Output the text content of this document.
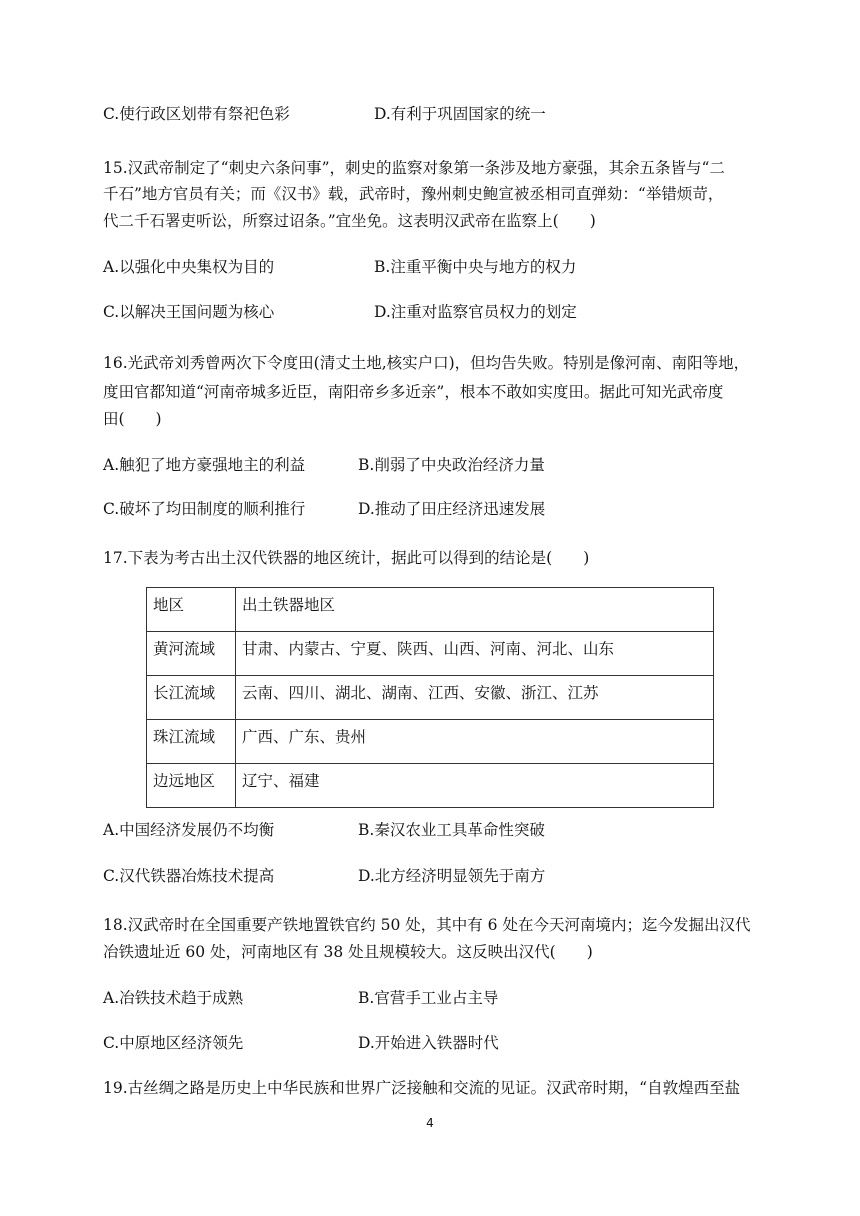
C.使行政区划带有祭祀色彩	D.有利于巩固国家的统一
15.汉武帝制定了“刺史六条问事”，刺史的监察对象第一条涉及地方豪强，其余五条皆与“二
千石”地方官员有关；而《汉书》载，武帝时，豫州刺史鲍宣被丞相司直弹劾：“举错烦苛，
代二千石署吏听讼，所察过诏条。”宜坐免。这表明汉武帝在监察上(　　)
A.以强化中央集权为目的	B.注重平衡中央与地方的权力
C.以解决王国问题为核心	D.注重对监察官员权力的划定
16.光武帝刘秀曾两次下令度田(清丈土地,核实户口)，但均告失败。特别是像河南、南阳等地，
度田官都知道“河南帝城多近臣，南阳帝乡多近亲”，根本不敢如实度田。据此可知光武帝度
田(　　)
A.触犯了地方豪强地主的利益	B.削弱了中央政治经济力量
C.破坏了均田制度的顺利推行	D.推动了田庄经济迅速发展
17.下表为考古出土汉代铁器的地区统计，据此可以得到的结论是(　　)
地区	出土铁器地区
黄河流域	甘肃、内蒙古、宁夏、陕西、山西、河南、河北、山东
长江流域	云南、四川、湖北、湖南、江西、安徽、浙江、江苏
珠江流域	广西、广东、贵州
边远地区	辽宁、福建
A.中国经济发展仍不均衡	B.秦汉农业工具革命性突破
C.汉代铁器冶炼技术提高	D.北方经济明显领先于南方
18.汉武帝时在全国重要产铁地置铁官约 50 处，其中有 6 处在今天河南境内；迄今发掘出汉代
冶铁遗址近 60 处，河南地区有 38 处且规模较大。这反映出汉代(　　)
A.冶铁技术趋于成熟	B.官营手工业占主导
C.中原地区经济领先	D.开始进入铁器时代
19.古丝绸之路是历史上中华民族和世界广泛接触和交流的见证。汉武帝时期，“自敦煌西至盐
4
